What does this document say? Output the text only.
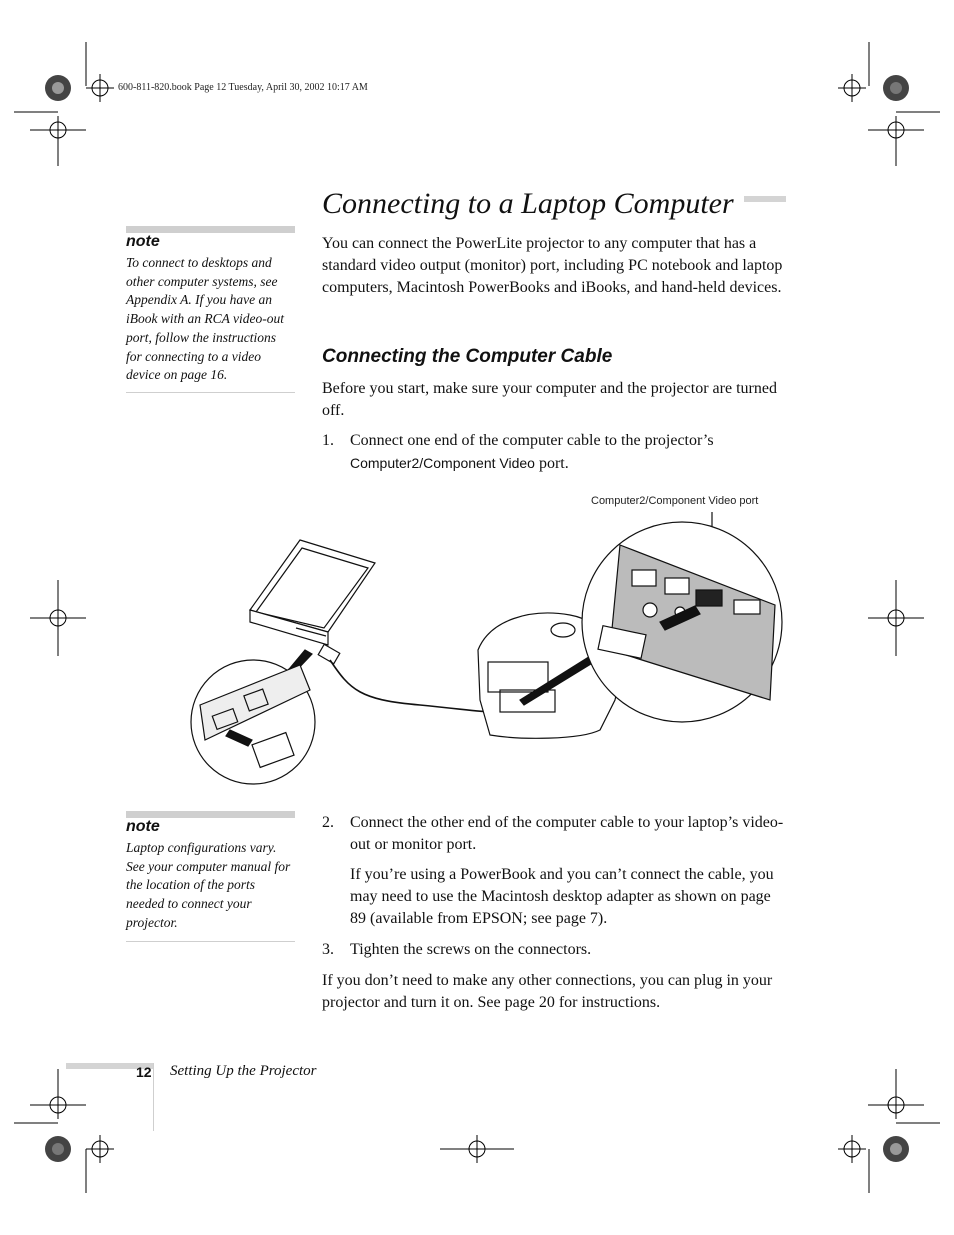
600-811-820.book Page 12 Tuesday, April 30, 2002 10:17 AM
Connecting to a Laptop Computer
You can connect the PowerLite projector to any computer that has a standard video output (monitor) port, including PC notebook and laptop computers, Macintosh PowerBooks and iBooks, and hand-held devices.
Connecting the Computer Cable
Before you start, make sure your computer and the projector are turned off.
1. Connect one end of the computer cable to the projector’s Computer2/Component Video port.
note
To connect to desktops and other computer systems, see Appendix A. If you have an iBook with an RCA video-out port, follow the instructions for connecting to a video device on page 16.
Computer2/Component Video port
note
Laptop configurations vary. See your computer manual for the location of the ports needed to connect your projector.
2. Connect the other end of the computer cable to your laptop’s video-out or monitor port.
If you’re using a PowerBook and you can’t connect the cable, you may need to use the Macintosh desktop adapter as shown on page 89 (available from EPSON; see page 7).
3. Tighten the screws on the connectors.
If you don’t need to make any other connections, you can plug in your projector and turn it on. See page 20 for instructions.
12 Setting Up the Projector
